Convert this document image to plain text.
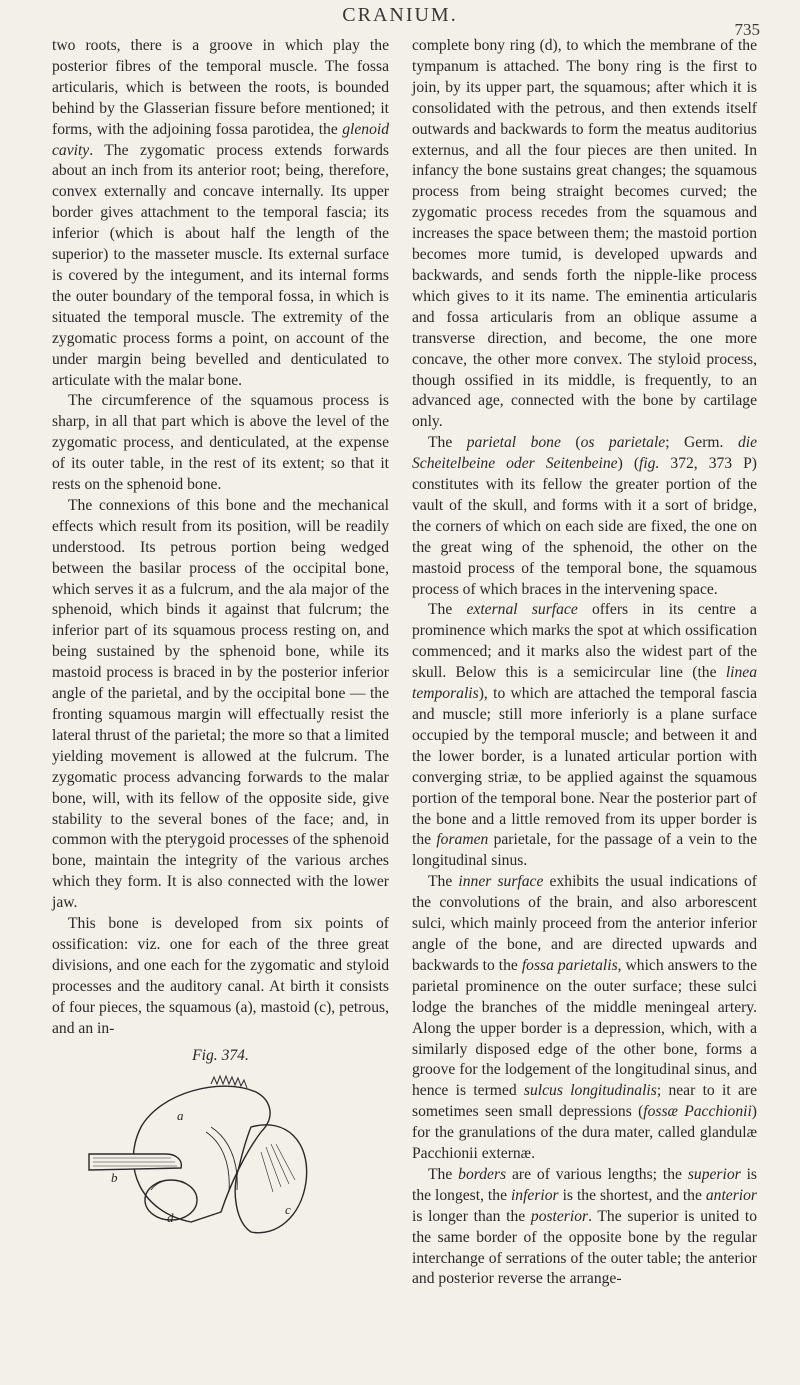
CRANIUM.
735

two roots, there is a groove in which play the posterior fibres of the temporal muscle. The fossa articularis, which is between the roots, is bounded behind by the Glasserian fissure before mentioned; it forms, with the adjoining fossa parotidea, the glenoid cavity. The zygomatic process extends forwards about an inch from its anterior root; being, therefore, convex externally and concave internally. Its upper border gives attachment to the temporal fascia; its inferior (which is about half the length of the superior) to the masseter muscle. Its external surface is covered by the integument, and its internal forms the outer boundary of the temporal fossa, in which is situated the temporal muscle. The extremity of the zygomatic process forms a point, on account of the under margin being bevelled and denticulated to articulate with the malar bone.

The circumference of the squamous process is sharp, in all that part which is above the level of the zygomatic process, and denticulated, at the expense of its outer table, in the rest of its extent; so that it rests on the sphenoid bone.

The connexions of this bone and the mechanical effects which result from its position, will be readily understood. Its petrous portion being wedged between the basilar process of the occipital bone, which serves it as a fulcrum, and the ala major of the sphenoid, which binds it against that fulcrum; the inferior part of its squamous process resting on, and being sustained by the sphenoid bone, while its mastoid process is braced in by the posterior inferior angle of the parietal, and by the occipital bone — the fronting squamous margin will effectually resist the lateral thrust of the parietal; the more so that a limited yielding movement is allowed at the fulcrum. The zygomatic process advancing forwards to the malar bone, will, with its fellow of the opposite side, give stability to the several bones of the face; and, in common with the pterygoid processes of the sphenoid bone, maintain the integrity of the various arches which they form. It is also connected with the lower jaw.

This bone is developed from six points of ossification: viz. one for each of the three great divisions, and one each for the zygomatic and styloid processes and the auditory canal. At birth it consists of four pieces, the squamous (a), mastoid (c), petrous, and an in-

Fig. 374.
a
b
c
d

complete bony ring (d), to which the membrane of the tympanum is attached. The bony ring is the first to join, by its upper part, the squamous; after which it is consolidated with the petrous, and then extends itself outwards and backwards to form the meatus auditorius externus, and all the four pieces are then united. In infancy the bone sustains great changes; the squamous process from being straight becomes curved; the zygomatic process recedes from the squamous and increases the space between them; the mastoid portion becomes more tumid, is developed upwards and backwards, and sends forth the nipple-like process which gives to it its name. The eminentia articularis and fossa articularis from an oblique assume a transverse direction, and become, the one more concave, the other more convex. The styloid process, though ossified in its middle, is frequently, to an advanced age, connected with the bone by cartilage only.

The parietal bone (os parietale; Germ. die Scheitelbeine oder Seitenbeine) (fig. 372, 373 P) constitutes with its fellow the greater portion of the vault of the skull, and forms with it a sort of bridge, the corners of which on each side are fixed, the one on the great wing of the sphenoid, the other on the mastoid process of the temporal bone, the squamous process of which braces in the intervening space.

The external surface offers in its centre a prominence which marks the spot at which ossification commenced; and it marks also the widest part of the skull. Below this is a semicircular line (the linea temporalis), to which are attached the temporal fascia and muscle; still more inferiorly is a plane surface occupied by the temporal muscle; and between it and the lower border, is a lunated articular portion with converging striæ, to be applied against the squamous portion of the temporal bone. Near the posterior part of the bone and a little removed from its upper border is the foramen parietale, for the passage of a vein to the longitudinal sinus.

The inner surface exhibits the usual indications of the convolutions of the brain, and also arborescent sulci, which mainly proceed from the anterior inferior angle of the bone, and are directed upwards and backwards to the fossa parietalis, which answers to the parietal prominence on the outer surface; these sulci lodge the branches of the middle meningeal artery. Along the upper border is a depression, which, with a similarly disposed edge of the other bone, forms a groove for the lodgement of the longitudinal sinus, and hence is termed sulcus longitudinalis; near to it are sometimes seen small depressions (fossæ Pacchionii) for the granulations of the dura mater, called glandulæ Pacchionii externæ.

The borders are of various lengths; the superior is the longest, the inferior is the shortest, and the anterior is longer than the posterior. The superior is united to the same border of the opposite bone by the regular interchange of serrations of the outer table; the anterior and posterior reverse the arrange-
